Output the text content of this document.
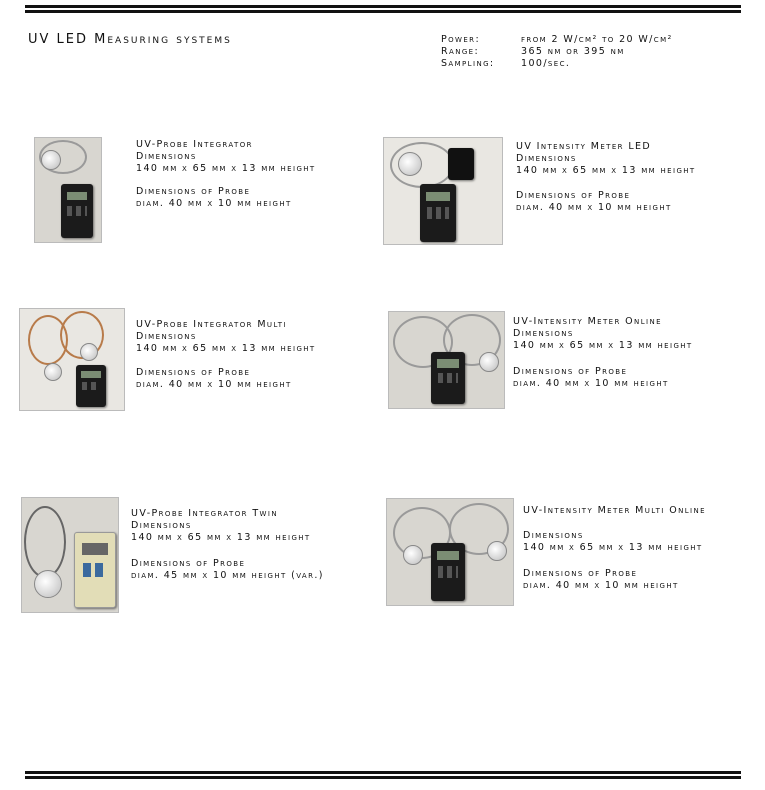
UV LED Measuring systems	Power:	from 2 W/cm² to 20 W/cm²
Range:	365 nm or 395 nm
Sampling:	100/sec.
UV-Probe Integrator
Dimensions
140 mm x 65 mm x 13 mm height
Dimensions of Probe
diam. 40 mm x 10 mm height
UV Intensity Meter LED
Dimensions
140 mm x 65 mm x 13 mm height
Dimensions of Probe
diam. 40 mm x 10 mm height
UV-Probe Integrator Multi
Dimensions
140 mm x 65 mm x 13 mm height
Dimensions of Probe
diam. 40 mm x 10 mm height
UV-Intensity Meter Online
Dimensions
140 mm x 65 mm x 13 mm height
Dimensions of Probe
diam. 40 mm x 10 mm height
UV-Probe Integrator Twin
Dimensions
140 mm x 65 mm x 13 mm height
Dimensions of Probe
diam. 45 mm x 10 mm height (var.)
UV-Intensity Meter Multi Online
Dimensions
140 mm x 65 mm x 13 mm height
Dimensions of Probe
diam. 40 mm x 10 mm height
